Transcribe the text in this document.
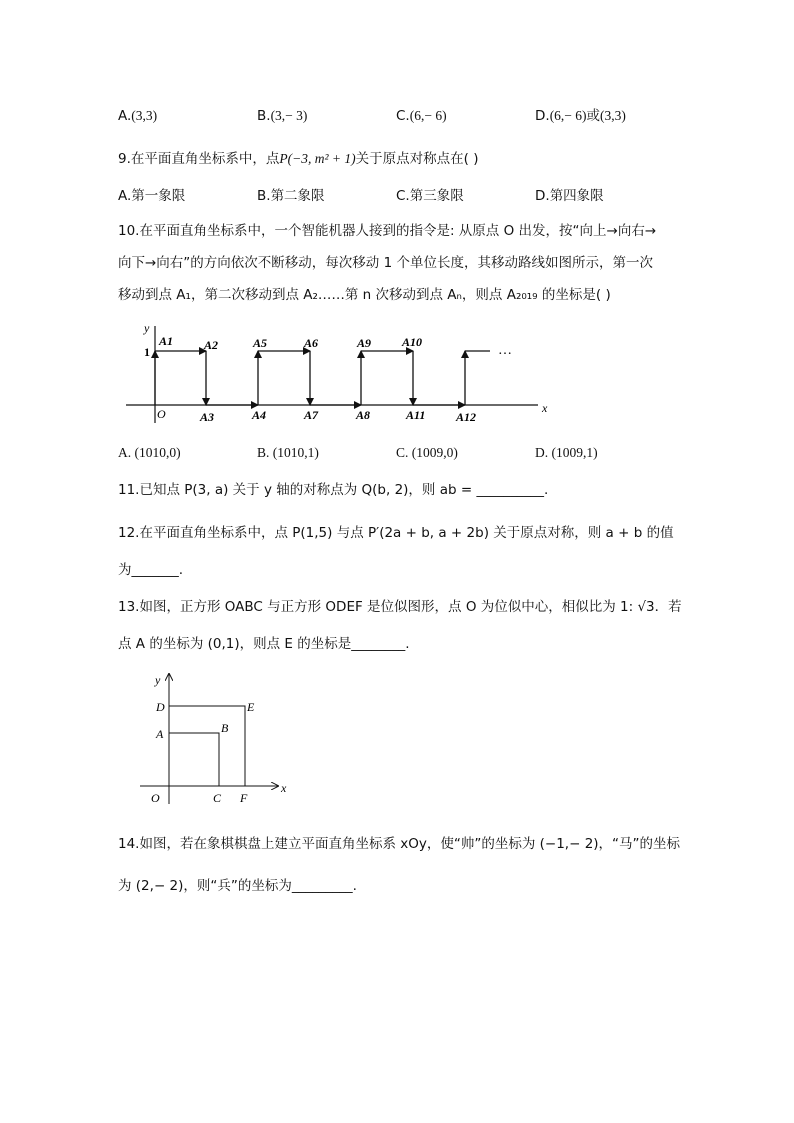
A.(3,3)	B.(3,− 3)	C.(6,− 6)	D.(6,− 6)或(3,3)
9.在平面直角坐标系中，点P(−3, m² + 1)关于原点对称点在( )
A.第一象限	B.第二象限	C.第三象限	D.第四象限
10.在平面直角坐标系中，一个智能机器人接到的指令是: 从原点 O 出发，按“向上→向右→
向下→向右”的方向依次不断移动，每次移动 1 个单位长度，其移动路线如图所示，第一次
移动到点 A₁，第二次移动到点 A₂……第 n 次移动到点 Aₙ，则点 A₂₀₁₉ 的坐标是( )
y
x
O
1	…
A1	A2	A5	A6	A9	A10
A3	A4	A7	A8	A11	A12
A. (1010,0)	B. (1010,1)	C. (1009,0)	D. (1009,1)
11.已知点 P(3, a) 关于 y 轴的对称点为 Q(b, 2)，则 ab = __________.
12.在平面直角坐标系中，点 P(1,5) 与点 P′(2a + b, a + 2b) 关于原点对称，则 a + b 的值
为_______.
13.如图，正方形 OABC 与正方形 ODEF 是位似图形，点 O 为位似中心，相似比为 1: √3．若
点 A 的坐标为 (0,1)，则点 E 的坐标是________.
y
x
O
A	B
C
D	E
F
14.如图，若在象棋棋盘上建立平面直角坐标系 xOy，使“帅”的坐标为 (−1,− 2)，“马”的坐标
为 (2,− 2)，则“兵”的坐标为_________.
